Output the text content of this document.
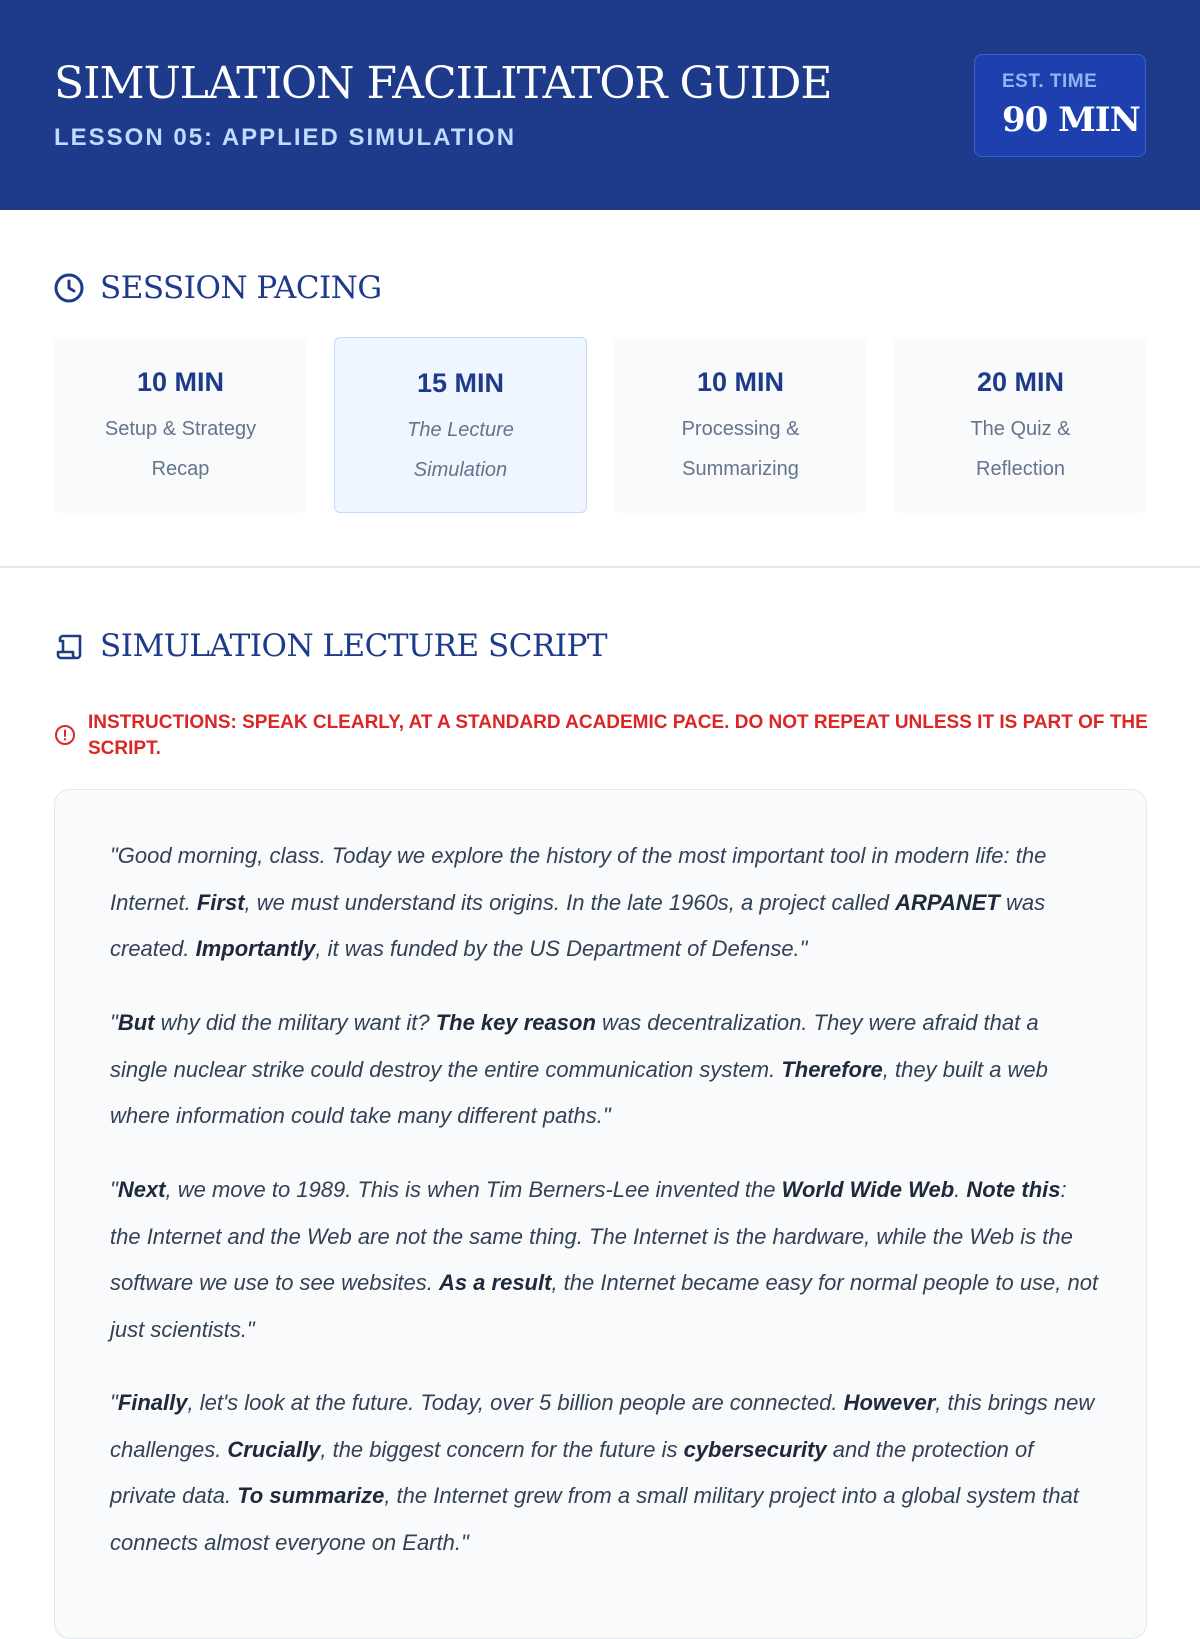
SIMULATION FACILITATOR GUIDE
LESSON 05: APPLIED SIMULATION
EST. TIME
90 MIN
SESSION PACING
10 MIN
Setup & Strategy Recap
15 MIN
The Lecture Simulation
10 MIN
Processing & Summarizing
20 MIN
The Quiz & Reflection
SIMULATION LECTURE SCRIPT
INSTRUCTIONS: SPEAK CLEARLY, AT A STANDARD ACADEMIC PACE. DO NOT REPEAT UNLESS IT IS PART OF THE SCRIPT.

"Good morning, class. Today we explore the history of the most important tool in modern life: the Internet. First, we must understand its origins. In the late 1960s, a project called ARPANET was created. Importantly, it was funded by the US Department of Defense."

"But why did the military want it? The key reason was decentralization. They were afraid that a single nuclear strike could destroy the entire communication system. Therefore, they built a web where information could take many different paths."

"Next, we move to 1989. This is when Tim Berners-Lee invented the World Wide Web. Note this: the Internet and the Web are not the same thing. The Internet is the hardware, while the Web is the software we use to see websites. As a result, the Internet became easy for normal people to use, not just scientists."

"Finally, let's look at the future. Today, over 5 billion people are connected. However, this brings new challenges. Crucially, the biggest concern for the future is cybersecurity and the protection of private data. To summarize, the Internet grew from a small military project into a global system that connects almost everyone on Earth."
